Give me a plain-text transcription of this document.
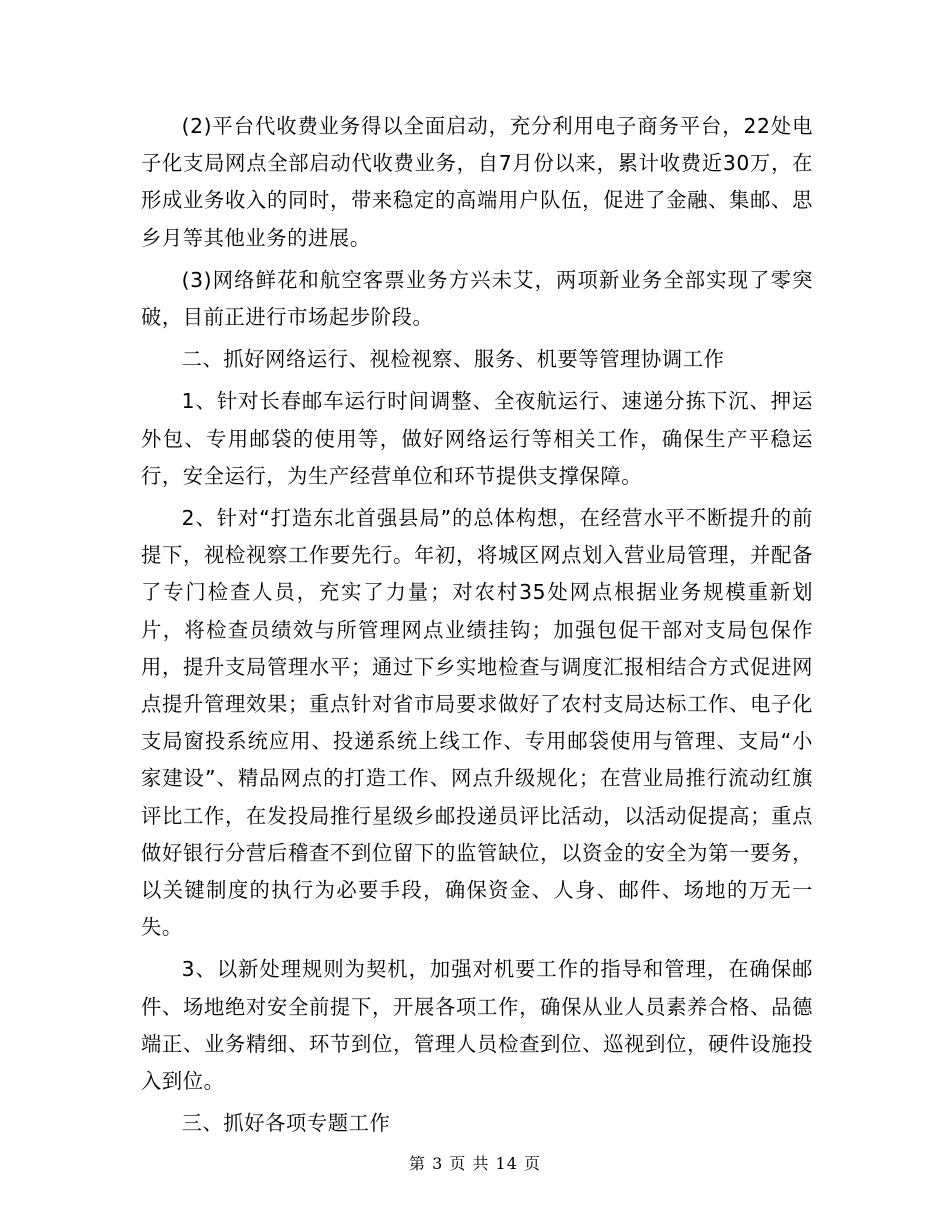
(2)平台代收费业务得以全面启动，充分利用电子商务平台，22处电子化支局网点全部启动代收费业务，自7月份以来，累计收费近30万，在形成业务收入的同时，带来稳定的高端用户队伍，促进了金融、集邮、思乡月等其他业务的进展。

(3)网络鲜花和航空客票业务方兴未艾，两项新业务全部实现了零突破，目前正进行市场起步阶段。

二、抓好网络运行、视检视察、服务、机要等管理协调工作

1、针对长春邮车运行时间调整、全夜航运行、速递分拣下沉、押运外包、专用邮袋的使用等，做好网络运行等相关工作，确保生产平稳运行，安全运行，为生产经营单位和环节提供支撑保障。

2、针对“打造东北首强县局”的总体构想，在经营水平不断提升的前提下，视检视察工作要先行。年初，将城区网点划入营业局管理，并配备了专门检查人员，充实了力量；对农村35处网点根据业务规模重新划片，将检查员绩效与所管理网点业绩挂钩；加强包促干部对支局包保作用，提升支局管理水平；通过下乡实地检查与调度汇报相结合方式促进网点提升管理效果；重点针对省市局要求做好了农村支局达标工作、电子化支局窗投系统应用、投递系统上线工作、专用邮袋使用与管理、支局“小家建设”、精品网点的打造工作、网点升级规化；在营业局推行流动红旗评比工作，在发投局推行星级乡邮投递员评比活动，以活动促提高；重点做好银行分营后稽查不到位留下的监管缺位，以资金的安全为第一要务，以关键制度的执行为必要手段，确保资金、人身、邮件、场地的万无一失。

3、以新处理规则为契机，加强对机要工作的指导和管理，在确保邮件、场地绝对安全前提下，开展各项工作，确保从业人员素养合格、品德端正、业务精细、环节到位，管理人员检查到位、巡视到位，硬件设施投入到位。

三、抓好各项专题工作

第 3 页 共 14 页
